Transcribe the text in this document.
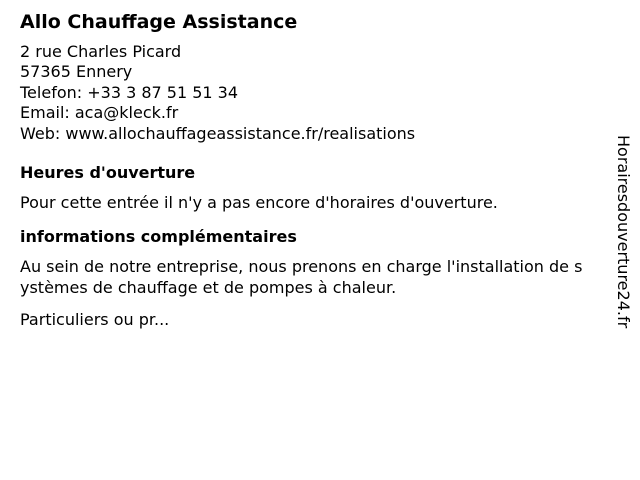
Allo Chauffage Assistance
2 rue Charles Picard
57365 Ennery
Telefon: +33 3 87 51 51 34
Email: aca@kleck.fr
Web: www.allochauffageassistance.fr/realisations
Heures d'ouverture
Pour cette entrée il n'y a pas encore d'horaires d'ouverture.
informations complémentaires
Au sein de notre entreprise, nous prenons en charge l'installation de systèmes de chauffage et de pompes à chaleur.
Particuliers ou pr...	Horairesdouverture24.fr
